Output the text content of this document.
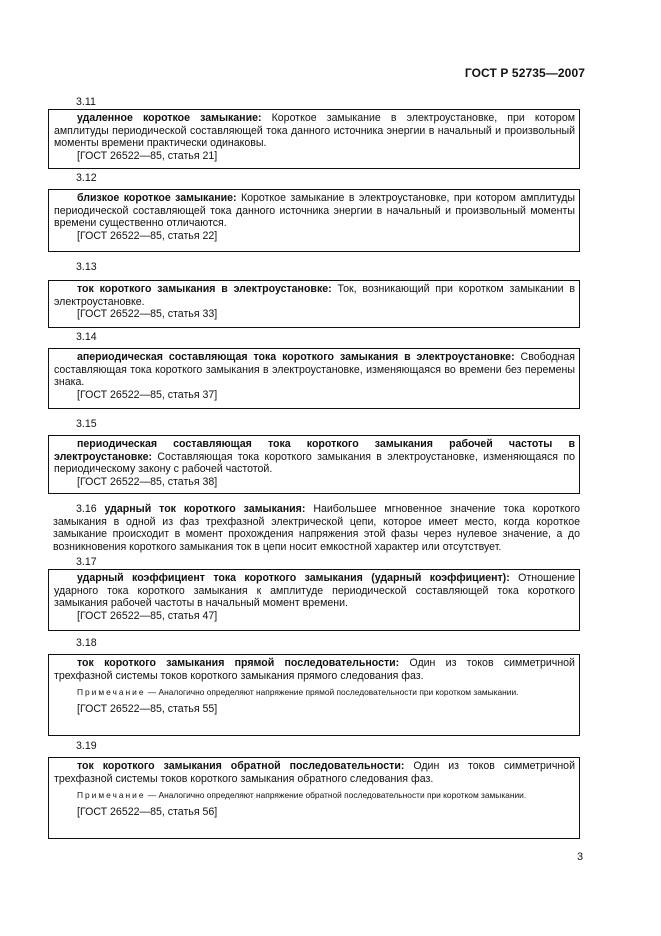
ГОСТ Р 52735—2007
3.11

удаленное короткое замыкание: Короткое замыкание в электроустановке, при котором амплитуды периодической составляющей тока данного источника энергии в начальный и произвольный моменты времени практически одинаковы.

[ГОСТ 26522—85, статья 21]

3.12

близкое короткое замыкание: Короткое замыкание в электроустановке, при котором амплитуды периодической составляющей тока данного источника энергии в начальный и произвольный моменты времени существенно отличаются.

[ГОСТ 26522—85, статья 22]

3.13

ток короткого замыкания в электроустановке: Ток, возникающий при коротком замыкании в электроустановке.

[ГОСТ 26522—85, статья 33]

3.14

апериодическая составляющая тока короткого замыкания в электроустановке: Свободная составляющая тока короткого замыкания в электроустановке, изменяющаяся во времени без перемены знака.

[ГОСТ 26522—85, статья 37]

3.15

периодическая составляющая тока короткого замыкания рабочей частоты в электроустановке: Составляющая тока короткого замыкания в электроустановке, изменяющаяся по периодическому закону с рабочей частотой.

[ГОСТ 26522—85, статья 38]

3.16 ударный ток короткого замыкания: Наибольшее мгновенное значение тока короткого замыкания в одной из фаз трехфазной электрической цепи, которое имеет место, когда короткое замыкание происходит в момент прохождения напряжения этой фазы через нулевое значение, а до возникновения короткого замыкания ток в цепи носит емкостной характер или отсутствует.

3.17

ударный коэффициент тока короткого замыкания (ударный коэффициент): Отношение ударного тока короткого замыкания к амплитуде периодической составляющей тока короткого замыкания рабочей частоты в начальный момент времени.

[ГОСТ 26522—85, статья 47]

3.18

ток короткого замыкания прямой последовательности: Один из токов симметричной трехфазной системы токов короткого замыкания прямого следования фаз.

Примечание — Аналогично определяют напряжение прямой последовательности при коротком замыкании.

[ГОСТ 26522—85, статья 55]

3.19

ток короткого замыкания обратной последовательности: Один из токов симметричной трехфазной системы токов короткого замыкания обратного следования фаз.

Примечание — Аналогично определяют напряжение обратной последовательности при коротком замыкании.

[ГОСТ 26522—85, статья 56]

3
